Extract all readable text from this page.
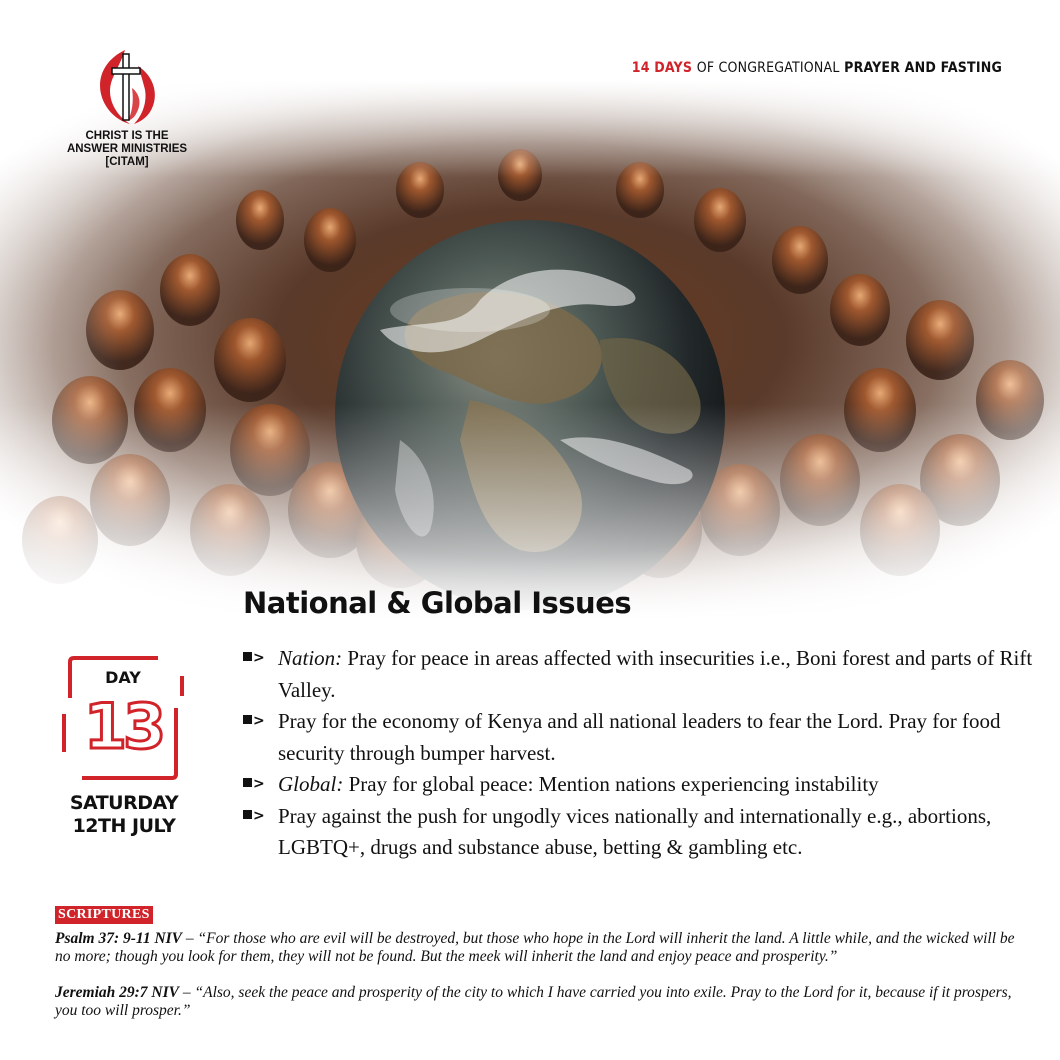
CHRIST IS THE
ANSWER MINISTRIES
[CITAM]
14 DAYS OF CONGREGATIONAL PRAYER AND FASTING
National & Global Issues
DAY
13
SATURDAY
12TH JULY
> Nation: Pray for peace in areas affected with insecurities i.e., Boni forest and parts of Rift Valley.
> Pray for the economy of Kenya and all national leaders to fear the Lord. Pray for food security through bumper harvest.
> Global: Pray for global peace: Mention nations experiencing instability
> Pray against the push for ungodly vices nationally and internationally e.g., abortions, LGBTQ+, drugs and substance abuse, betting & gambling etc.
SCRIPTURES

Psalm 37: 9-11 NIV – “For those who are evil will be destroyed, but those who hope in the Lord will inherit the land. A little while, and the wicked will be no more; though you look for them, they will not be found. But the meek will inherit the land and enjoy peace and prosperity.”

Jeremiah 29:7 NIV – “Also, seek the peace and prosperity of the city to which I have carried you into exile. Pray to the Lord for it, because if it prospers, you too will prosper.”
